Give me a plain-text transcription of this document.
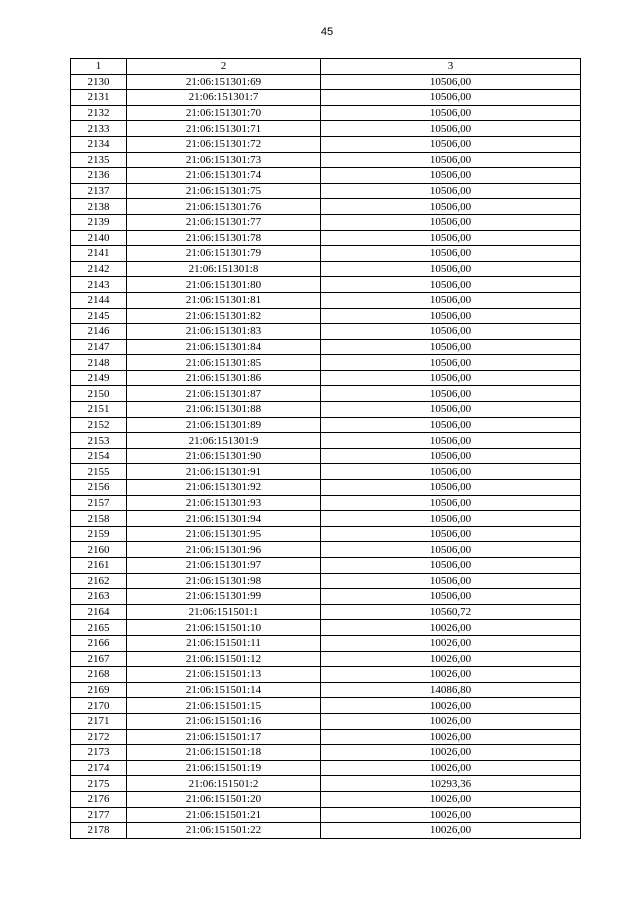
45
1	2	3
2130	21:06:151301:69	10506,00
2131	21:06:151301:7	10506,00
2132	21:06:151301:70	10506,00
2133	21:06:151301:71	10506,00
2134	21:06:151301:72	10506,00
2135	21:06:151301:73	10506,00
2136	21:06:151301:74	10506,00
2137	21:06:151301:75	10506,00
2138	21:06:151301:76	10506,00
2139	21:06:151301:77	10506,00
2140	21:06:151301:78	10506,00
2141	21:06:151301:79	10506,00
2142	21:06:151301:8	10506,00
2143	21:06:151301:80	10506,00
2144	21:06:151301:81	10506,00
2145	21:06:151301:82	10506,00
2146	21:06:151301:83	10506,00
2147	21:06:151301:84	10506,00
2148	21:06:151301:85	10506,00
2149	21:06:151301:86	10506,00
2150	21:06:151301:87	10506,00
2151	21:06:151301:88	10506,00
2152	21:06:151301:89	10506,00
2153	21:06:151301:9	10506,00
2154	21:06:151301:90	10506,00
2155	21:06:151301:91	10506,00
2156	21:06:151301:92	10506,00
2157	21:06:151301:93	10506,00
2158	21:06:151301:94	10506,00
2159	21:06:151301:95	10506,00
2160	21:06:151301:96	10506,00
2161	21:06:151301:97	10506,00
2162	21:06:151301:98	10506,00
2163	21:06:151301:99	10506,00
2164	21:06:151501:1	10560,72
2165	21:06:151501:10	10026,00
2166	21:06:151501:11	10026,00
2167	21:06:151501:12	10026,00
2168	21:06:151501:13	10026,00
2169	21:06:151501:14	14086,80
2170	21:06:151501:15	10026,00
2171	21:06:151501:16	10026,00
2172	21:06:151501:17	10026,00
2173	21:06:151501:18	10026,00
2174	21:06:151501:19	10026,00
2175	21:06:151501:2	10293,36
2176	21:06:151501:20	10026,00
2177	21:06:151501:21	10026,00
2178	21:06:151501:22	10026,00
